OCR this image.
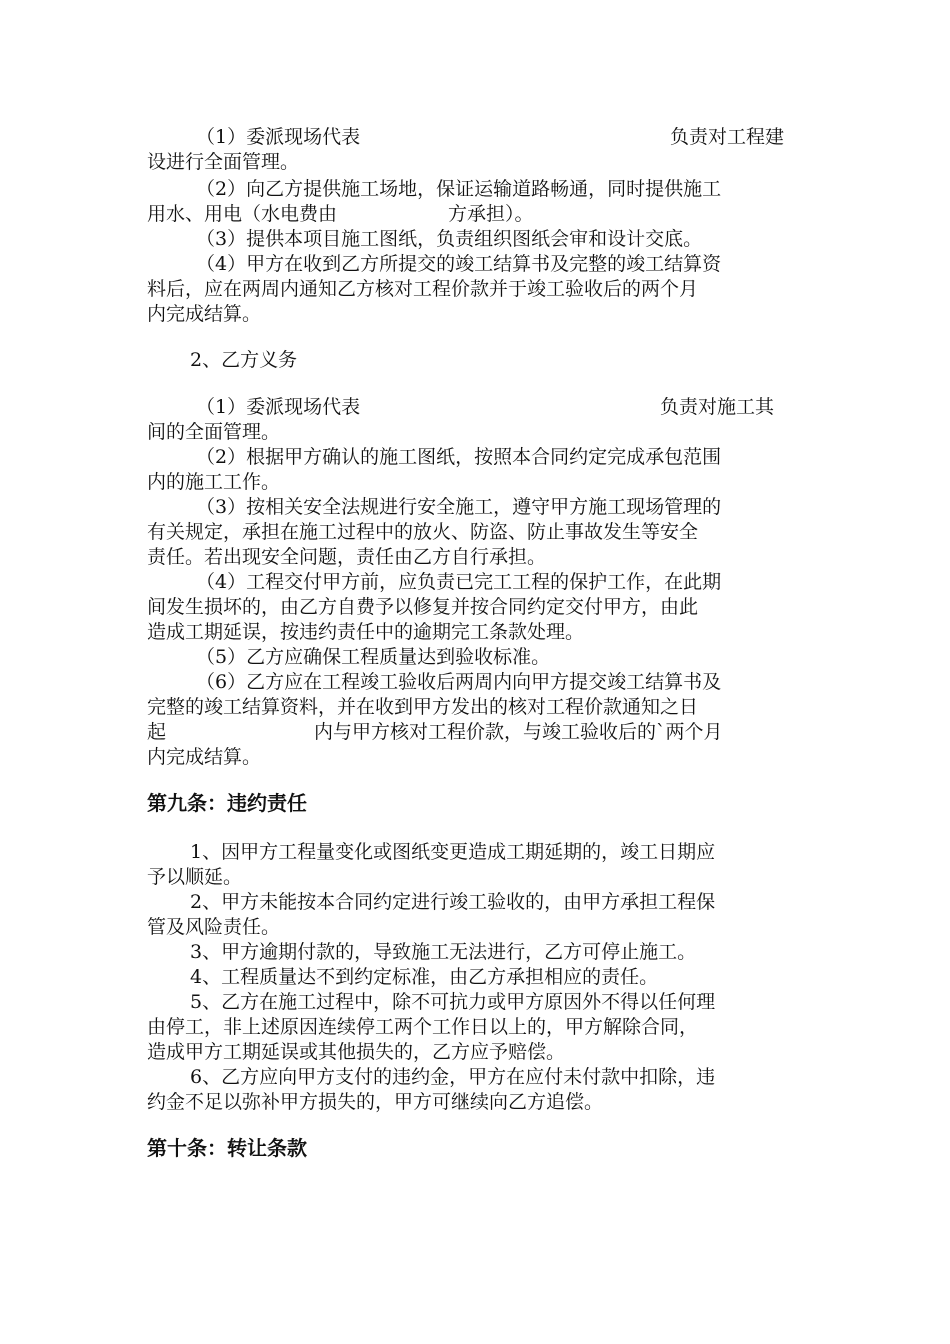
（1）委派现场代表	负责对工程建
设进行全面管理。
（2）向乙方提供施工场地，保证运输道路畅通，同时提供施工
用水、用电（水电费由	方承担）。
（3）提供本项目施工图纸，负责组织图纸会审和设计交底。
（4）甲方在收到乙方所提交的竣工结算书及完整的竣工结算资
料后，应在两周内通知乙方核对工程价款并于竣工验收后的两个月
内完成结算。
2、乙方义务
（1）委派现场代表	负责对施工其
间的全面管理。
（2）根据甲方确认的施工图纸，按照本合同约定完成承包范围
内的施工工作。
（3）按相关安全法规进行安全施工，遵守甲方施工现场管理的
有关规定，承担在施工过程中的放火、防盗、防止事故发生等安全
责任。若出现安全问题，责任由乙方自行承担。
（4）工程交付甲方前，应负责已完工工程的保护工作，在此期
间发生损坏的，由乙方自费予以修复并按合同约定交付甲方，由此
造成工期延误，按违约责任中的逾期完工条款处理。
（5）乙方应确保工程质量达到验收标准。
（6）乙方应在工程竣工验收后两周内向甲方提交竣工结算书及
完整的竣工结算资料，并在收到甲方发出的核对工程价款通知之日
起	内与甲方核对工程价款，与竣工验收后的`两个月
内完成结算。
第九条：违约责任
1、因甲方工程量变化或图纸变更造成工期延期的，竣工日期应
予以顺延。
2、甲方未能按本合同约定进行竣工验收的，由甲方承担工程保
管及风险责任。
3、甲方逾期付款的，导致施工无法进行，乙方可停止施工。
4、工程质量达不到约定标准，由乙方承担相应的责任。
5、乙方在施工过程中，除不可抗力或甲方原因外不得以任何理
由停工，非上述原因连续停工两个工作日以上的，甲方解除合同，
造成甲方工期延误或其他损失的，乙方应予赔偿。
6、乙方应向甲方支付的违约金，甲方在应付未付款中扣除，违
约金不足以弥补甲方损失的，甲方可继续向乙方追偿。
第十条：转让条款
